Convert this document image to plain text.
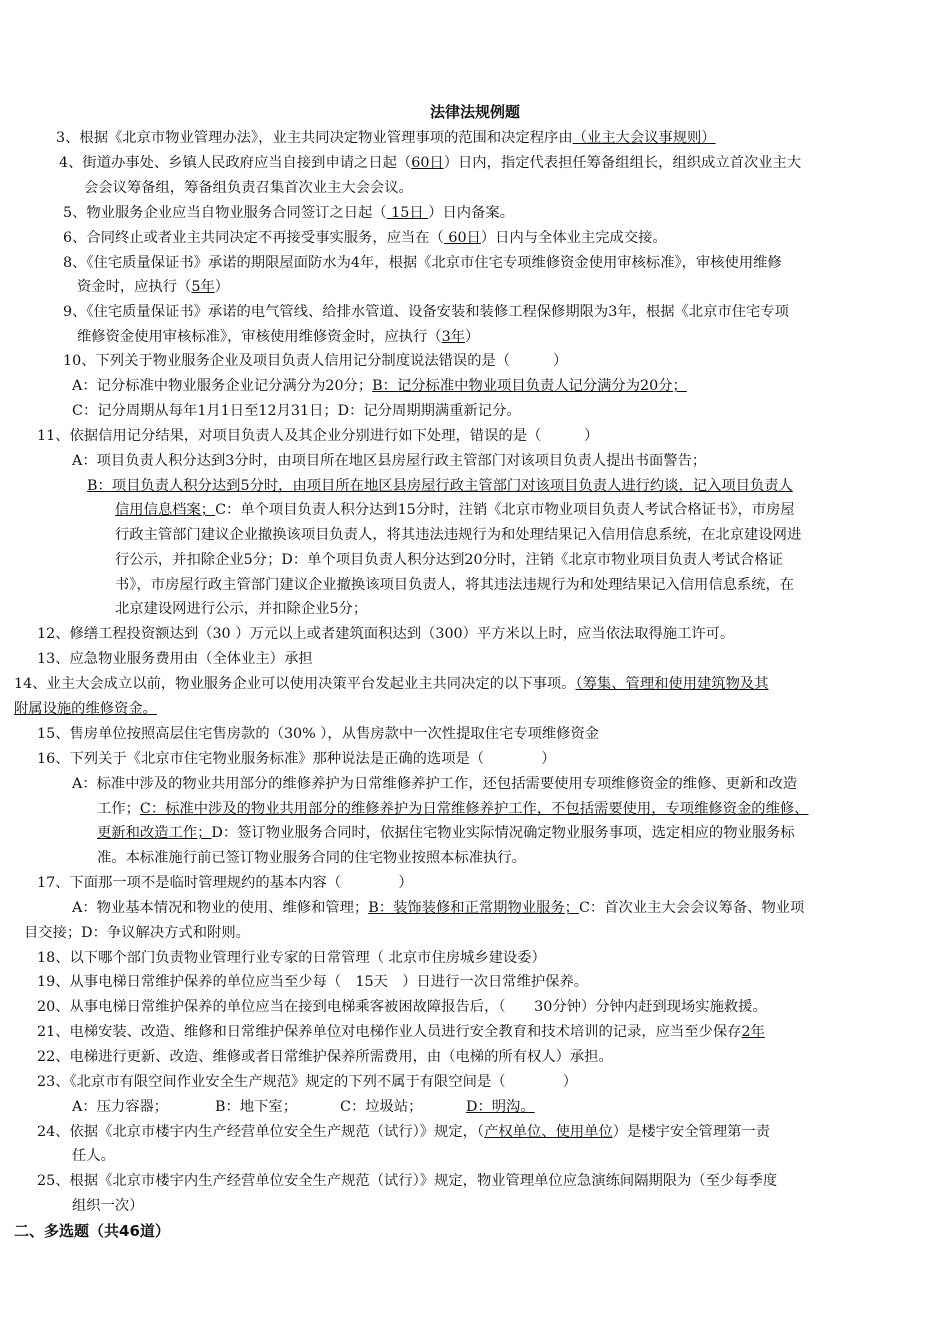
法律法规例题
3、根据《北京市物业管理办法》，业主共同决定物业管理事项的范围和决定程序由（业主大会议事规则）
4、街道办事处、乡镇人民政府应当自接到申请之日起（60日）日内，指定代表担任筹备组组长，组织成立首次业主大
会会议筹备组，筹备组负责召集首次业主大会会议。
5、物业服务企业应当自物业服务合同签订之日起（ 15日 ）日内备案。
6、合同终止或者业主共同决定不再接受事实服务，应当在（ 60日）日内与全体业主完成交接。
8、《住宅质量保证书》承诺的期限屋面防水为4年，根据《北京市住宅专项维修资金使用审核标准》，审核使用维修
资金时，应执行（5年）
9、《住宅质量保证书》承诺的电气管线、给排水管道、设备安装和装修工程保修期限为3年，根据《北京市住宅专项
维修资金使用审核标准》，审核使用维修资金时，应执行（3年）
10、下列关于物业服务企业及项目负责人信用记分制度说法错误的是（　　　）
A：记分标准中物业服务企业记分满分为20分；B：记分标准中物业项目负责人记分满分为20分；
C：记分周期从每年1月1日至12月31日；D：记分周期期满重新记分。
11、依据信用记分结果，对项目负责人及其企业分别进行如下处理，错误的是（　　　）
A：项目负责人积分达到3分时，由项目所在地区县房屋行政主管部门对该项目负责人提出书面警告；
B：项目负责人积分达到5分时，由项目所在地区县房屋行政主管部门对该项目负责人进行约谈，记入项目负责人
信用信息档案；C：单个项目负责人积分达到15分时，注销《北京市物业项目负责人考试合格证书》，市房屋
行政主管部门建议企业撤换该项目负责人，将其违法违规行为和处理结果记入信用信息系统，在北京建设网进
行公示，并扣除企业5分；D：单个项目负责人积分达到20分时，注销《北京市物业项目负责人考试合格证
书》，市房屋行政主管部门建议企业撤换该项目负责人，将其违法违规行为和处理结果记入信用信息系统，在
北京建设网进行公示，并扣除企业5分；
12、修缮工程投资额达到（30 ）万元以上或者建筑面积达到（300）平方米以上时，应当依法取得施工许可。
13、应急物业服务费用由（全体业主）承担
14、业主大会成立以前，物业服务企业可以使用决策平台发起业主共同决定的以下事项。（筹集、管理和使用建筑物及其
附属设施的维修资金。
15、售房单位按照高层住宅售房款的（30% ），从售房款中一次性提取住宅专项维修资金
16、下列关于《北京市住宅物业服务标准》那种说法是正确的选项是（　　　　）
A：标准中涉及的物业共用部分的维修养护为日常维修养护工作，还包括需要使用专项维修资金的维修、更新和改造
工作；C：标准中涉及的物业共用部分的维修养护为日常维修养护工作，不包括需要使用，专项维修资金的维修、
更新和改造工作；D：签订物业服务合同时，依据住宅物业实际情况确定物业服务事项，选定相应的物业服务标
准。本标准施行前已签订物业服务合同的住宅物业按照本标准执行。
17、下面那一项不是临时管理规约的基本内容（　　　　）
A：物业基本情况和物业的使用、维修和管理；B：装饰装修和正常期物业服务；C：首次业主大会会议筹备、物业项
目交接；D：争议解决方式和附则。
18、以下哪个部门负责物业管理行业专家的日常管理（ 北京市住房城乡建设委）
19、从事电梯日常维护保养的单位应当至少每（　15天　）日进行一次日常维护保养。
20、从事电梯日常维护保养的单位应当在接到电梯乘客被困故障报告后，（　　30分钟）分钟内赶到现场实施救援。
21、电梯安装、改造、维修和日常维护保养单位对电梯作业人员进行安全教育和技术培训的记录，应当至少保存2年
22、电梯进行更新、改造、维修或者日常维护保养所需费用，由（电梯的所有权人）承担。
23、《北京市有限空间作业安全生产规范》规定的下列不属于有限空间是（　　　　）
A：压力容器；	B：地下室；	C：垃圾站；	D：明沟。
24、依据《北京市楼宇内生产经营单位安全生产规范（试行）》规定，（产权单位、使用单位）是楼宇安全管理第一责
任人。
25、根据《北京市楼宇内生产经营单位安全生产规范（试行）》规定，物业管理单位应急演练间隔期限为（至少每季度
组织一次）
二、多选题（共46道）
